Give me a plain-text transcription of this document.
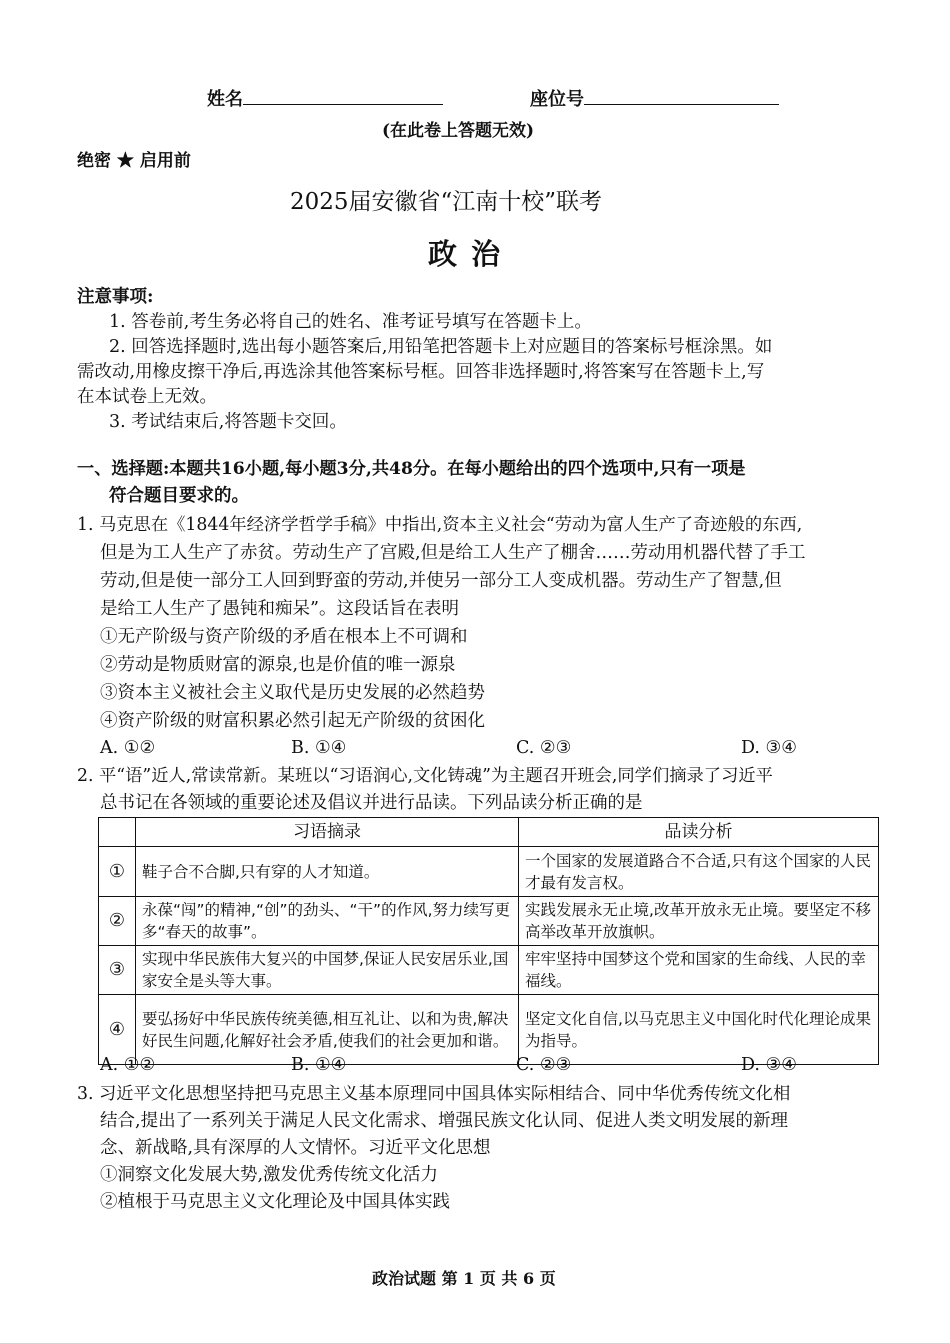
姓名	座位号
(在此卷上答题无效)
绝密 ★ 启用前
2025届安徽省“江南十校”联考
政 治
注意事项:
1. 答卷前,考生务必将自己的姓名、准考证号填写在答题卡上。
2. 回答选择题时,选出每小题答案后,用铅笔把答题卡上对应题目的答案标号框涂黑。如
需改动,用橡皮擦干净后,再选涂其他答案标号框。回答非选择题时,将答案写在答题卡上,写
在本试卷上无效。
3. 考试结束后,将答题卡交回。
一、选择题:本题共16小题,每小题3分,共48分。在每小题给出的四个选项中,只有一项是
符合题目要求的。
1. 马克思在《1844年经济学哲学手稿》中指出,资本主义社会“劳动为富人生产了奇迹般的东西,
但是为工人生产了赤贫。劳动生产了宫殿,但是给工人生产了棚舍……劳动用机器代替了手工
劳动,但是使一部分工人回到野蛮的劳动,并使另一部分工人变成机器。劳动生产了智慧,但
是给工人生产了愚钝和痴呆”。这段话旨在表明
①无产阶级与资产阶级的矛盾在根本上不可调和
②劳动是物质财富的源泉,也是价值的唯一源泉
③资本主义被社会主义取代是历史发展的必然趋势
④资产阶级的财富积累必然引起无产阶级的贫困化
A. ①②	B. ①④	C. ②③	D. ③④
2. 平“语”近人,常读常新。某班以“习语润心,文化铸魂”为主题召开班会,同学们摘录了习近平
总书记在各领域的重要论述及倡议并进行品读。下列品读分析正确的是
	习语摘录	品读分析
①	鞋子合不合脚,只有穿的人才知道。	一个国家的发展道路合不合适,只有这个国家的人民才最有发言权。
②	永葆“闯”的精神,“创”的劲头、“干”的作风,努力续写更多“春天的故事”。	实践发展永无止境,改革开放永无止境。要坚定不移高举改革开放旗帜。
③	实现中华民族伟大复兴的中国梦,保证人民安居乐业,国家安全是头等大事。	牢牢坚持中国梦这个党和国家的生命线、人民的幸福线。
④	要弘扬好中华民族传统美德,相互礼让、以和为贵,解决好民生问题,化解好社会矛盾,使我们的社会更加和谐。	坚定文化自信,以马克思主义中国化时代化理论成果为指导。
A. ①②	B. ①④	C. ②③	D. ③④
3. 习近平文化思想坚持把马克思主义基本原理同中国具体实际相结合、同中华优秀传统文化相
结合,提出了一系列关于满足人民文化需求、增强民族文化认同、促进人类文明发展的新理
念、新战略,具有深厚的人文情怀。习近平文化思想
①洞察文化发展大势,激发优秀传统文化活力
②植根于马克思主义文化理论及中国具体实践
政治试题 第 1 页 共 6 页
